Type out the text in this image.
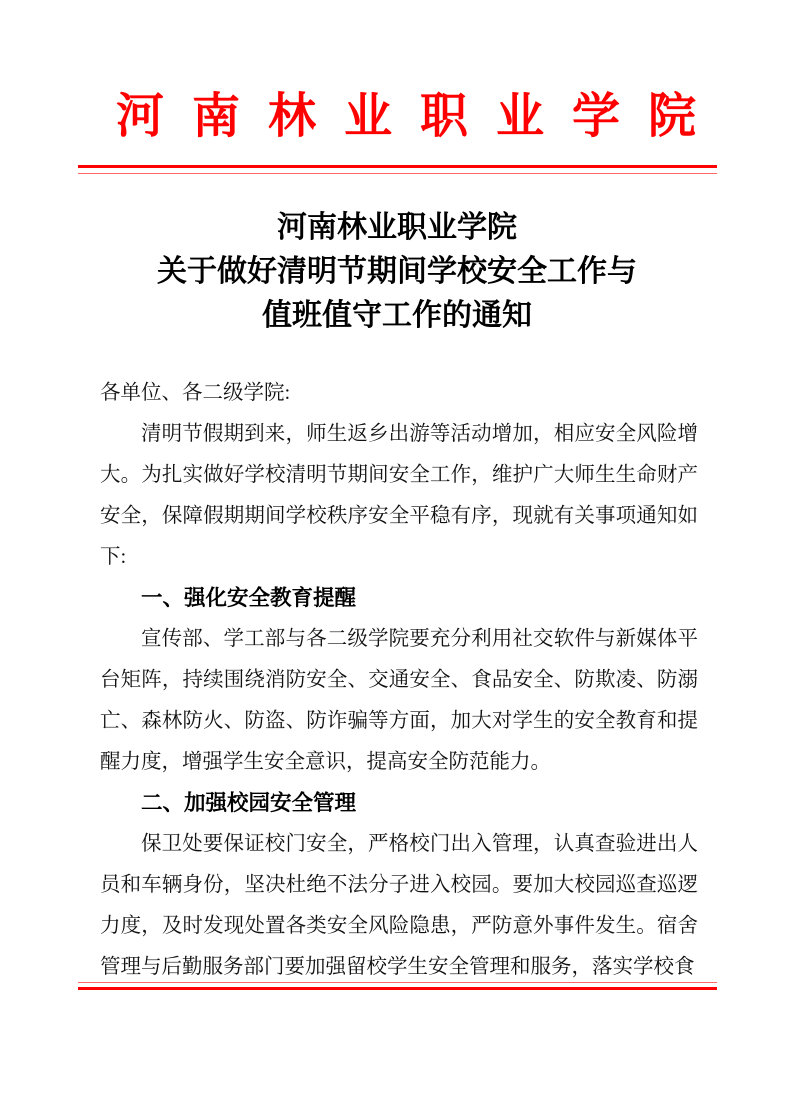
河南林业职业学院
河南林业职业学院
关于做好清明节期间学校安全工作与
值班值守工作的通知

各单位、各二级学院:

清明节假期到来，师生返乡出游等活动增加，相应安全风险增大。为扎实做好学校清明节期间安全工作，维护广大师生生命财产安全，保障假期期间学校秩序安全平稳有序，现就有关事项通知如下:

一、强化安全教育提醒

宣传部、学工部与各二级学院要充分利用社交软件与新媒体平台矩阵，持续围绕消防安全、交通安全、食品安全、防欺凌、防溺亡、森林防火、防盗、防诈骗等方面，加大对学生的安全教育和提醒力度，增强学生安全意识，提高安全防范能力。

二、加强校园安全管理

保卫处要保证校门安全，严格校门出入管理，认真查验进出人员和车辆身份，坚决杜绝不法分子进入校园。要加大校园巡查巡逻力度，及时发现处置各类安全风险隐患，严防意外事件发生。宿舍管理与后勤服务部门要加强留校学生安全管理和服务，落实学校食
